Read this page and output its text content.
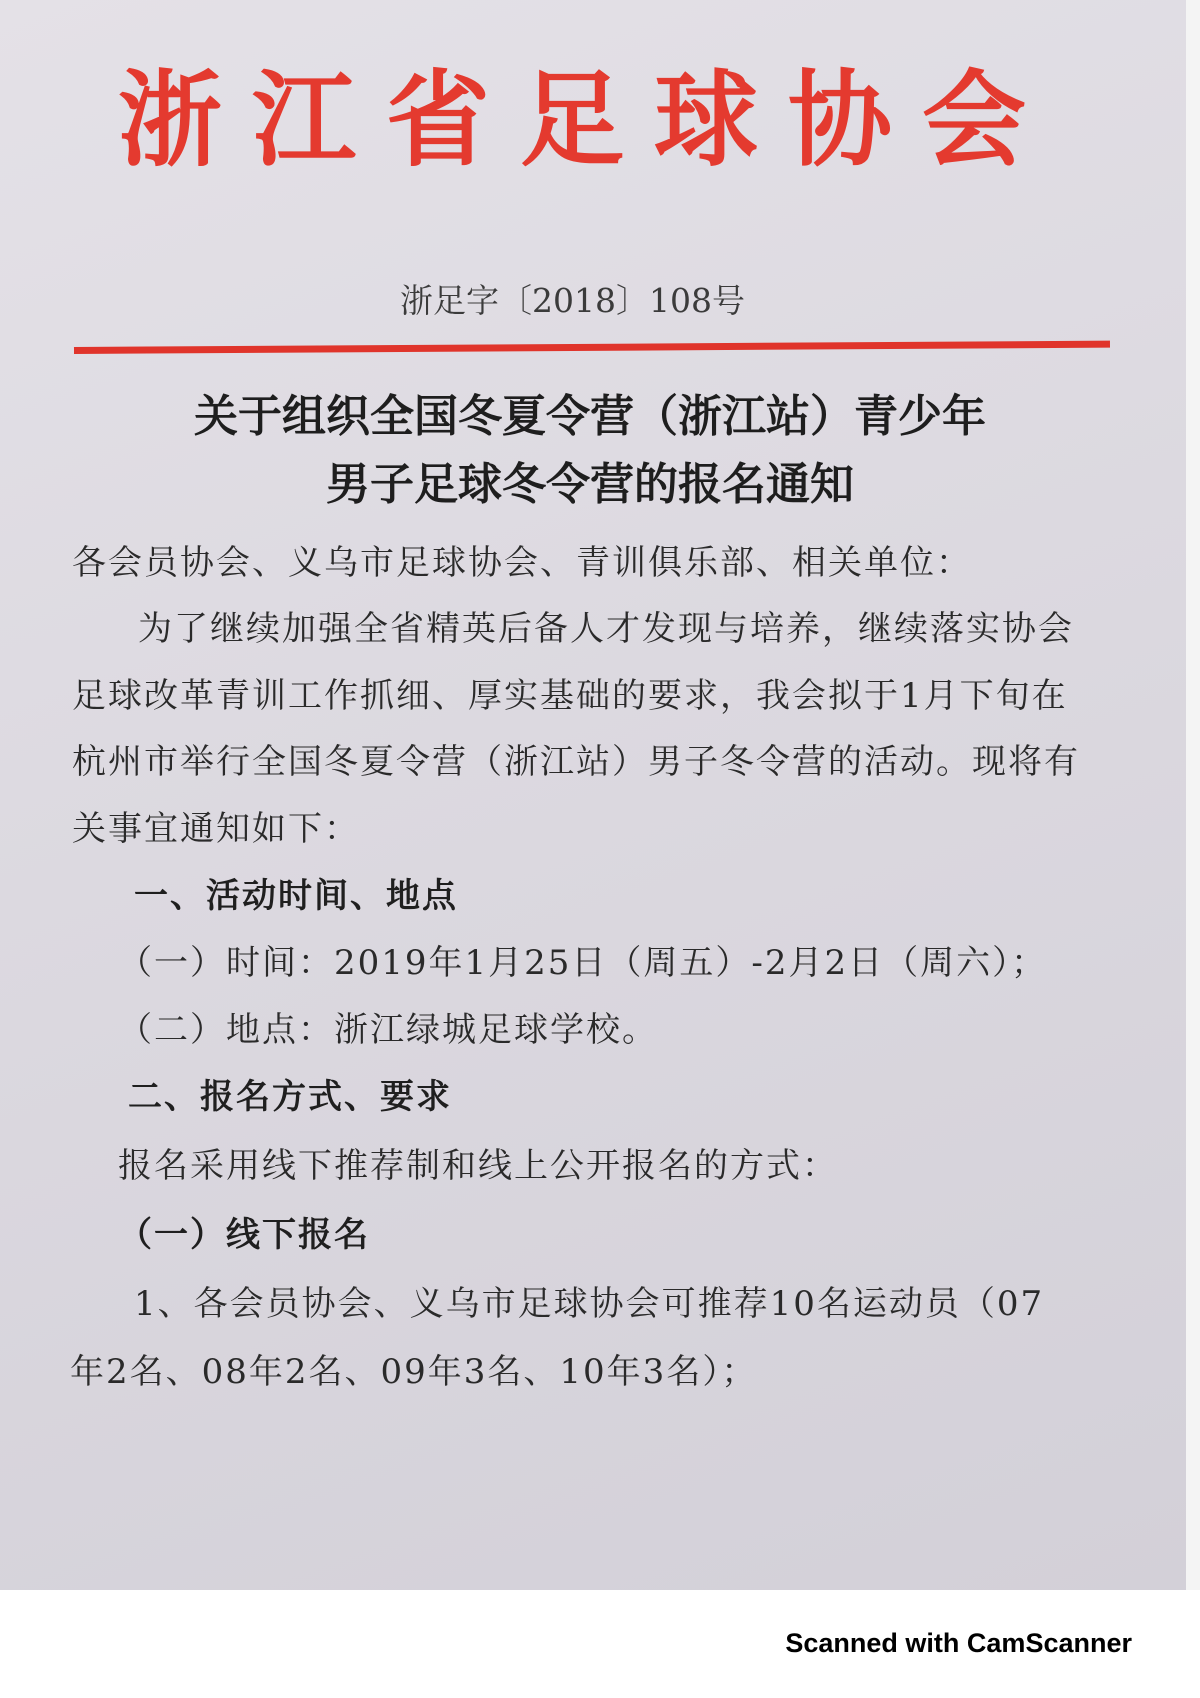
浙江省足球协会
浙足字〔2018〕108号
关于组织全国冬夏令营（浙江站）青少年
男子足球冬令营的报名通知
各会员协会、义乌市足球协会、青训俱乐部、相关单位：
为了继续加强全省精英后备人才发现与培养，继续落实协会
足球改革青训工作抓细、厚实基础的要求，我会拟于1月下旬在
杭州市举行全国冬夏令营（浙江站）男子冬令营的活动。现将有
关事宜通知如下：
一、活动时间、地点
（一）时间：2019年1月25日（周五）-2月2日（周六）；
（二）地点：浙江绿城足球学校。
二、报名方式、要求
报名采用线下推荐制和线上公开报名的方式：
（一）线下报名
1、各会员协会、义乌市足球协会可推荐10名运动员（07
年2名、08年2名、09年3名、10年3名）；
Scanned with CamScanner
